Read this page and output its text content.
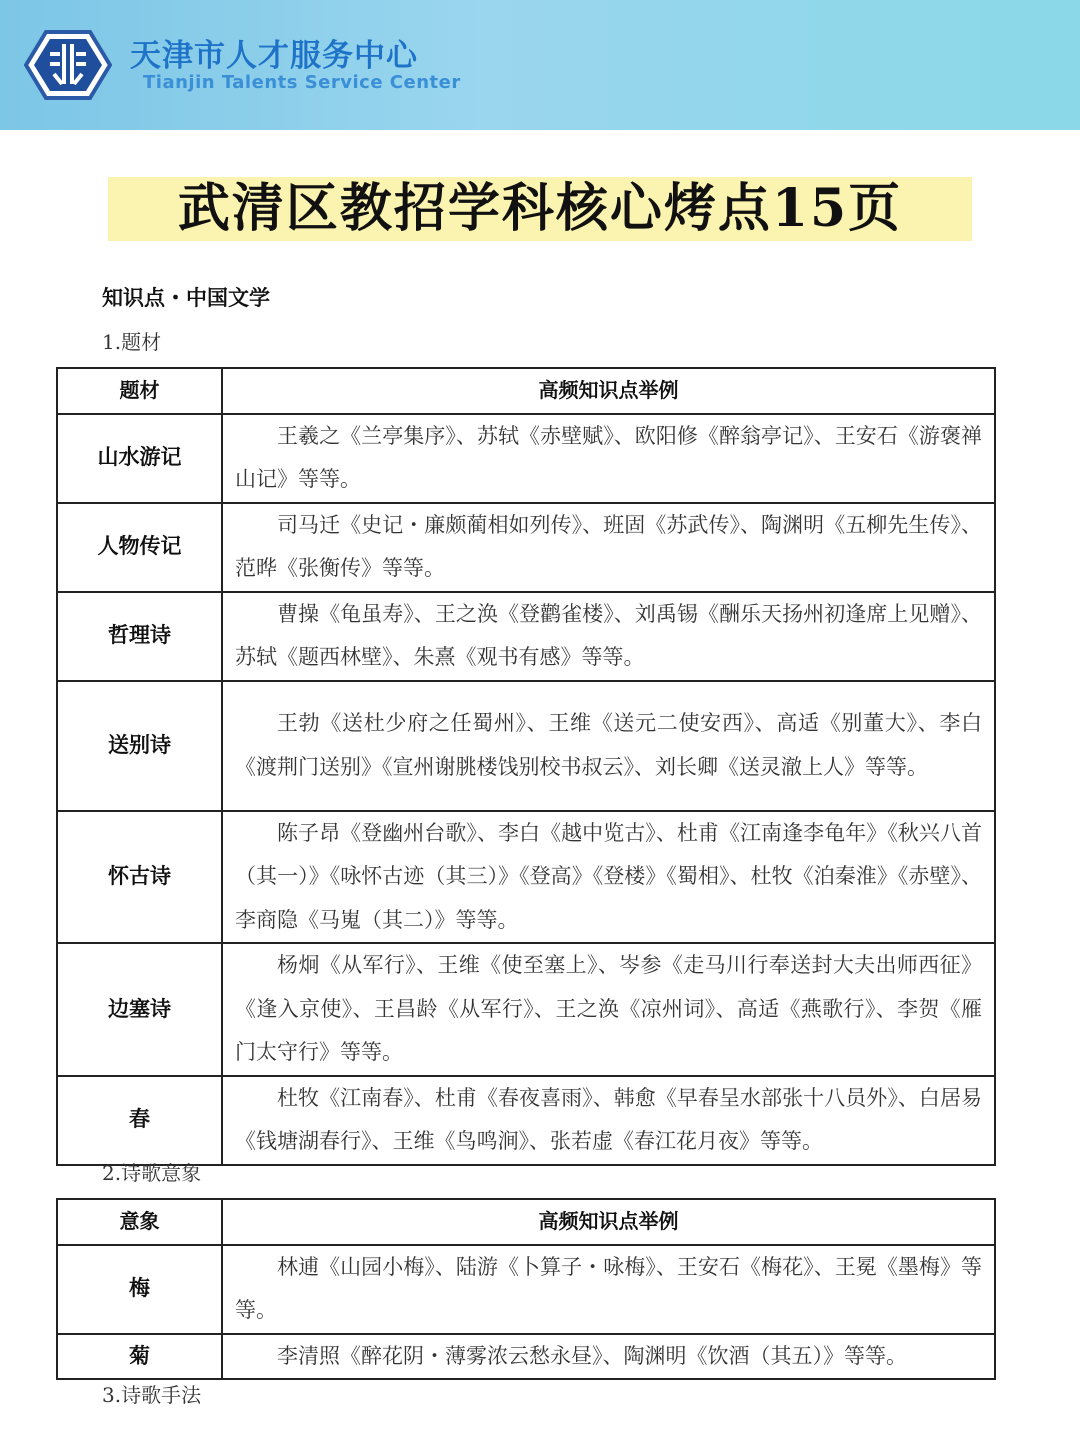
天津市人才服务中心
Tianjin Talents Service Center
武清区教招学科核心烤点15页
知识点・中国文学
1.题材
题材	高频知识点举例
山水游记	王羲之《兰亭集序》、苏轼《赤壁赋》、欧阳修《醉翁亭记》、王安石《游褒禅山记》等等。
人物传记	司马迁《史记・廉颇蔺相如列传》、班固《苏武传》、陶渊明《五柳先生传》、范晔《张衡传》等等。
哲理诗	曹操《龟虽寿》、王之涣《登鹳雀楼》、刘禹锡《酬乐天扬州初逢席上见赠》、苏轼《题西林壁》、朱熹《观书有感》等等。
送别诗	王勃《送杜少府之任蜀州》、王维《送元二使安西》、高适《别董大》、李白《渡荆门送别》《宣州谢朓楼饯别校书叔云》、刘长卿《送灵澈上人》等等。
怀古诗	陈子昂《登幽州台歌》、李白《越中览古》、杜甫《江南逢李龟年》《秋兴八首（其一）》《咏怀古迹（其三）》《登高》《登楼》《蜀相》、杜牧《泊秦淮》《赤壁》、李商隐《马嵬（其二）》等等。
边塞诗	杨炯《从军行》、王维《使至塞上》、岑参《走马川行奉送封大夫出师西征》《逢入京使》、王昌龄《从军行》、王之涣《凉州词》、高适《燕歌行》、李贺《雁门太守行》等等。
春	杜牧《江南春》、杜甫《春夜喜雨》、韩愈《早春呈水部张十八员外》、白居易《钱塘湖春行》、王维《鸟鸣涧》、张若虚《春江花月夜》等等。
2.诗歌意象
意象	高频知识点举例
梅	林逋《山园小梅》、陆游《卜算子・咏梅》、王安石《梅花》、王冕《墨梅》等等。
菊	李清照《醉花阴・薄雾浓云愁永昼》、陶渊明《饮酒（其五）》等等。
3.诗歌手法
